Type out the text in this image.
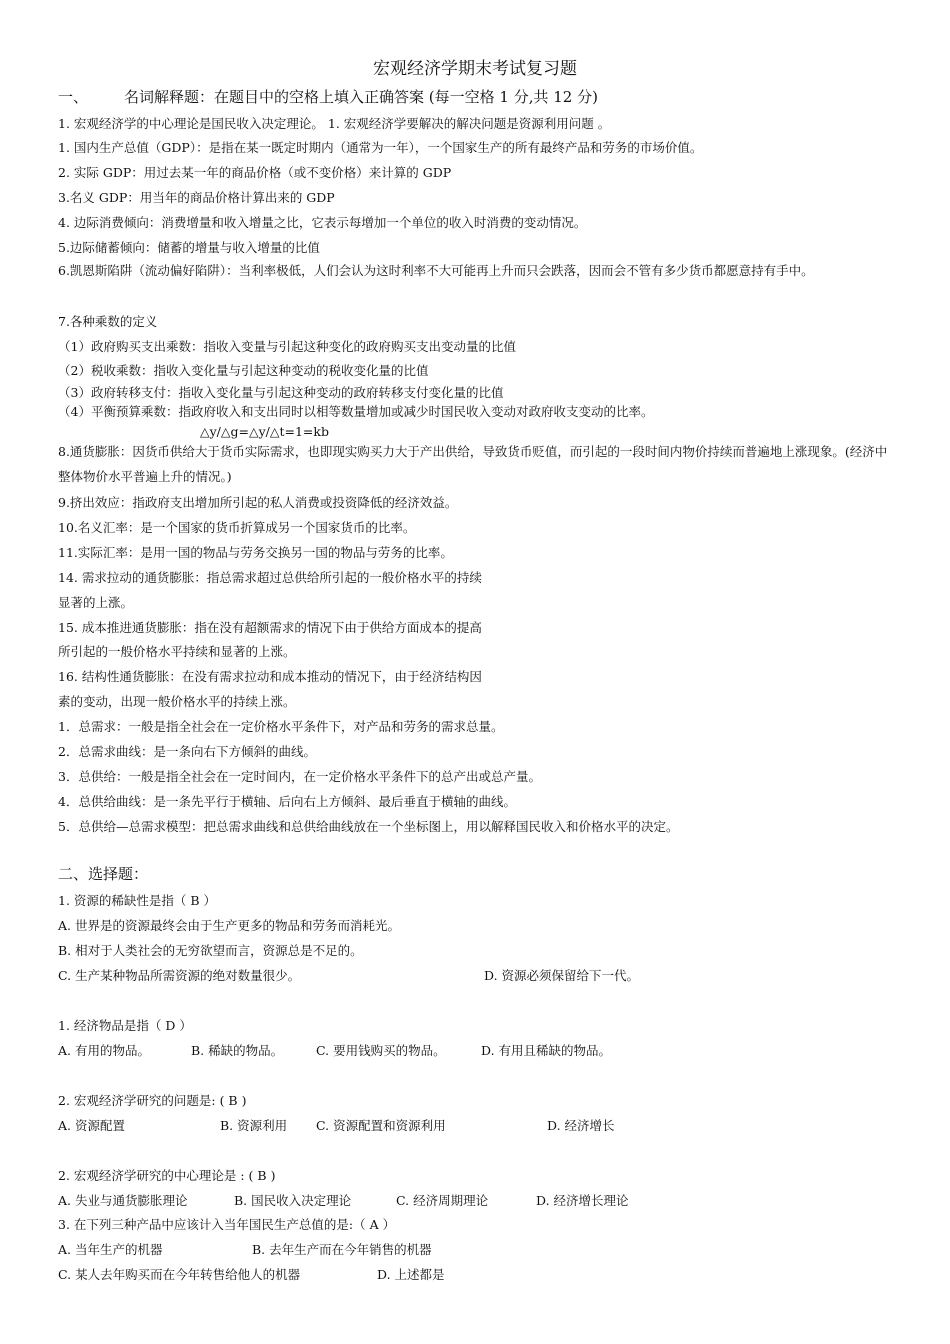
宏观经济学期末考试复习题
一、 名词解释题：在题目中的空格上填入正确答案 (每一空格 1 分,共 12 分)
1. 宏观经济学的中心理论是国民收入决定理论。 1. 宏观经济学要解决的解决问题是资源利用问题 。
1. 国内生产总值（GDP）：是指在某一既定时期内（通常为一年），一个国家生产的所有最终产品和劳务的市场价值。
2. 实际 GDP：用过去某一年的商品价格（或不变价格）来计算的 GDP
3.名义 GDP：用当年的商品价格计算出来的 GDP
4. 边际消费倾向：消费增量和收入增量之比，它表示每增加一个单位的收入时消费的变动情况。
5.边际储蓄倾向：储蓄的增量与收入增量的比值
6.凯恩斯陷阱（流动偏好陷阱）：当利率极低，人们会认为这时利率不大可能再上升而只会跌落，因而会不管有多少货币都愿意持有手中。
7.各种乘数的定义
（1）政府购买支出乘数：指收入变量与引起这种变化的政府购买支出变动量的比值
（2）税收乘数：指收入变化量与引起这种变动的税收变化量的比值
（3）政府转移支付：指收入变化量与引起这种变动的政府转移支付变化量的比值
（4）平衡预算乘数：指政府收入和支出同时以相等数量增加或减少时国民收入变动对政府收支变动的比率。
△y/△g=△y/△t=1=kb
8.通货膨胀：因货币供给大于货币实际需求，也即现实购买力大于产出供给，导致货币贬值，而引起的一段时间内物价持续而普遍地上涨现象。(经济中整体物价水平普遍上升的情况。)
9.挤出效应：指政府支出增加所引起的私人消费或投资降低的经济效益。
10.名义汇率：是一个国家的货币折算成另一个国家货币的比率。
11.实际汇率：是用一国的物品与劳务交换另一国的物品与劳务的比率。
14. 需求拉动的通货膨胀：指总需求超过总供给所引起的一般价格水平的持续
显著的上涨。
15. 成本推进通货膨胀：指在没有超额需求的情况下由于供给方面成本的提高
所引起的一般价格水平持续和显著的上涨。
16. 结构性通货膨胀：在没有需求拉动和成本推动的情况下，由于经济结构因
素的变动，出现一般价格水平的持续上涨。
1．总需求：一般是指全社会在一定价格水平条件下，对产品和劳务的需求总量。
2．总需求曲线：是一条向右下方倾斜的曲线。
3．总供给：一般是指全社会在一定时间内，在一定价格水平条件下的总产出或总产量。
4．总供给曲线：是一条先平行于横轴、后向右上方倾斜、最后垂直于横轴的曲线。
5．总供给—总需求模型：把总需求曲线和总供给曲线放在一个坐标图上，用以解释国民收入和价格水平的决定。
二、选择题：
1. 资源的稀缺性是指（ B ）
A. 世界是的资源最终会由于生产更多的物品和劳务而消耗光。
B. 相对于人类社会的无穷欲望而言，资源总是不足的。
C. 生产某种物品所需资源的绝对数量很少。	D. 资源必须保留给下一代。
1. 经济物品是指（ D ）
A. 有用的物品。	B. 稀缺的物品。	C. 要用钱购买的物品。	D. 有用且稀缺的物品。
2. 宏观经济学研究的问题是: ( B )
A. 资源配置	B. 资源利用 C. 资源配置和资源利用	D. 经济增长
2. 宏观经济学研究的中心理论是 : ( B )
A. 失业与通货膨胀理论	B. 国民收入决定理论	C. 经济周期理论	D. 经济增长理论
3. 在下列三种产品中应该计入当年国民生产总值的是:（ A ）
A. 当年生产的机器	B. 去年生产而在今年销售的机器
C. 某人去年购买而在今年转售给他人的机器	D. 上述都是
